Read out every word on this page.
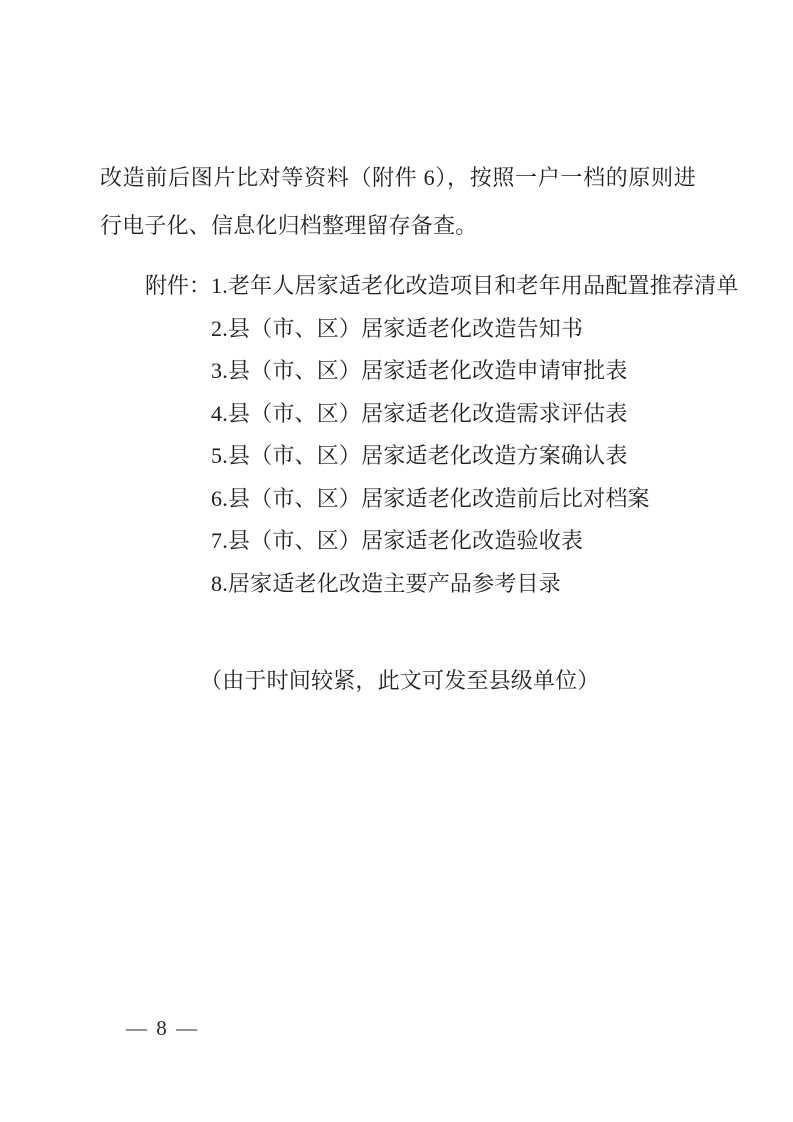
改造前后图片比对等资料（附件 6），按照一户一档的原则进行电子化、信息化归档整理留存备查。

附件： 1.老年人居家适老化改造项目和老年用品配置推荐清单
2.县（市、区）居家适老化改造告知书
3.县（市、区）居家适老化改造申请审批表
4.县（市、区）居家适老化改造需求评估表
5.县（市、区）居家适老化改造方案确认表
6.县（市、区）居家适老化改造前后比对档案
7.县（市、区）居家适老化改造验收表
8.居家适老化改造主要产品参考目录

（由于时间较紧，此文可发至县级单位）

— 8 —
